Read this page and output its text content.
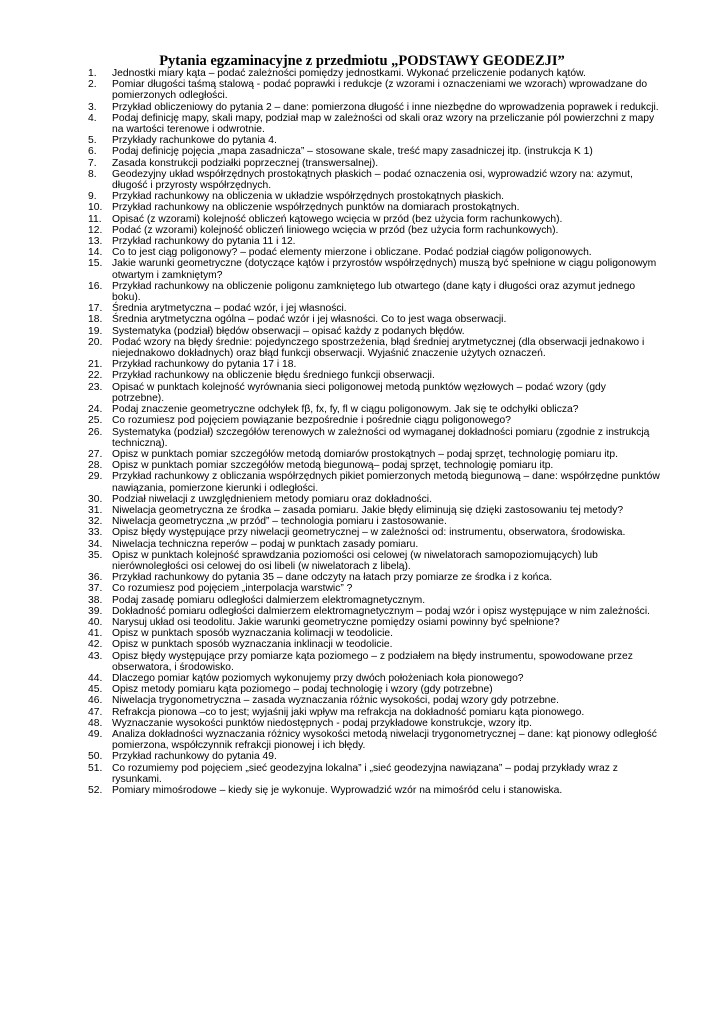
Pytania egzaminacyjne z przedmiotu „PODSTAWY GEODEZJI”
1.	Jednostki miary kąta – podać zależności pomiędzy jednostkami. Wykonać przeliczenie podanych kątów.
2.	Pomiar długości taśmą stalową - podać poprawki i redukcje (z wzorami i oznaczeniami we wzorach) wprowadzane do pomierzonych odległości.
3.	Przykład obliczeniowy do pytania 2 – dane: pomierzona długość i inne niezbędne do wprowadzenia poprawek i redukcji.
4.	Podaj definicję mapy, skali mapy, podział map w zależności od skali oraz wzory na przeliczanie pól powierzchni z mapy na wartości terenowe i odwrotnie.
5.	Przykłady rachunkowe do pytania 4.
6.	Podaj definicję pojęcia „mapa zasadnicza” – stosowane skale, treść mapy zasadniczej itp. (instrukcja K 1)
7.	Zasada konstrukcji podziałki poprzecznej (transwersalnej).
8.	Geodezyjny układ współrzędnych prostokątnych płaskich – podać oznaczenia osi, wyprowadzić wzory na: azymut, długość i przyrosty współrzędnych.
9.	Przykład rachunkowy na obliczenia w układzie współrzędnych prostokątnych płaskich.
10. Przykład rachunkowy na obliczenie współrzędnych punktów na domiarach prostokątnych.
11.	Opisać (z wzorami) kolejność obliczeń kątowego wcięcia w przód (bez użycia form rachunkowych).
12. Podać (z wzorami) kolejność obliczeń liniowego wcięcia w przód (bez użycia form rachunkowych).
13. Przykład rachunkowy do pytania 11 i 12.
14. Co to jest ciąg poligonowy? – podać elementy mierzone i obliczane. Podać podział ciągów poligonowych.
15. Jakie warunki geometryczne (dotyczące kątów i przyrostów współrzędnych) muszą być spełnione w ciągu poligonowym otwartym i zamkniętym?
16. Przykład rachunkowy na obliczenie poligonu zamkniętego lub otwartego (dane kąty i długości oraz azymut jednego boku).
17. Średnia arytmetyczna – podać wzór, i jej własności.
18. Średnia arytmetyczna ogólna – podać wzór i jej własności. Co to jest waga obserwacji.
19. Systematyka (podział) błędów obserwacji – opisać każdy z podanych błędów.
20. Podać wzory na błędy średnie: pojedynczego spostrzeżenia, błąd średniej arytmetycznej (dla obserwacji jednakowo i niejednakowo dokładnych) oraz błąd funkcji obserwacji. Wyjaśnić znaczenie użytych oznaczeń.
21. Przykład rachunkowy do pytania 17 i 18.
22. Przykład rachunkowy na obliczenie błędu średniego funkcji obserwacji.
23. Opisać w punktach kolejność wyrównania sieci poligonowej metodą punktów węzłowych – podać wzory (gdy potrzebne).
24. Podaj znaczenie geometryczne odchyłek fβ, fx, fy, fl w ciągu poligonowym. Jak się te odchyłki oblicza?
25. Co rozumiesz pod pojęciem powiązanie bezpośrednie i pośrednie ciągu poligonowego?
26. Systematyka (podział) szczegółów terenowych w zależności od wymaganej dokładności pomiaru (zgodnie z instrukcją techniczną).
27. Opisz w punktach pomiar szczegółów metodą domiarów prostokątnych – podaj sprzęt, technologię pomiaru itp.
28. Opisz w punktach pomiar szczegółów metodą biegunową– podaj sprzęt, technologię pomiaru itp.
29. Przykład rachunkowy z obliczania współrzędnych pikiet pomierzonych metodą biegunową – dane: współrzędne punktów nawiązania, pomierzone kierunki i odległości.
30. Podział niwelacji z uwzględnieniem metody pomiaru oraz dokładności.
31. Niwelacja geometryczna ze środka – zasada pomiaru. Jakie błędy eliminują się dzięki zastosowaniu tej metody?
32. Niwelacja geometryczna „w przód” – technologia pomiaru i zastosowanie.
33. Opisz błędy występujące przy niwelacji geometrycznej – w zależności od: instrumentu, obserwatora, środowiska.
34. Niwelacja techniczna reperów – podaj w punktach zasady pomiaru.
35. Opisz w punktach kolejność sprawdzania poziomości osi celowej (w niwelatorach samopoziomujących) lub nierównoległości osi celowej do osi libeli (w niwelatorach z libelą).
36. Przykład rachunkowy do pytania 35 – dane odczyty na łatach przy pomiarze ze środka i z końca.
37. Co rozumiesz pod pojęciem „interpolacja warstwic” ?
38. Podaj zasadę pomiaru odległości dalmierzem elektromagnetycznym.
39. Dokładność pomiaru odległości dalmierzem elektromagnetycznym – podaj wzór i opisz występujące w nim zależności.
40. Narysuj układ osi teodolitu. Jakie warunki geometryczne pomiędzy osiami powinny być spełnione?
41. Opisz w punktach sposób wyznaczania kolimacji w teodolicie.
42. Opisz w punktach sposób wyznaczania inklinacji w teodolicie.
43. Opisz błędy występujące przy pomiarze kąta poziomego – z podziałem na błędy instrumentu, spowodowane przez obserwatora, i środowisko.
44. Dlaczego pomiar kątów poziomych wykonujemy przy dwóch położeniach koła pionowego?
45. Opisz metody pomiaru kąta poziomego – podaj technologię i wzory (gdy potrzebne)
46. Niwelacja trygonometryczna – zasada wyznaczania różnic wysokości, podaj wzory gdy potrzebne.
47. Refrakcja pionowa –co to jest; wyjaśnij jaki wpływ ma refrakcja na dokładność pomiaru kąta pionowego.
48. Wyznaczanie wysokości punktów niedostępnych - podaj przykładowe konstrukcje, wzory itp.
49. Analiza dokładności wyznaczania różnicy wysokości metodą niwelacji trygonometrycznej – dane: kąt pionowy odległość pomierzona, współczynnik refrakcji pionowej i ich błędy.
50. Przykład rachunkowy do pytania 49.
51. Co rozumiemy pod pojęciem „sieć geodezyjna lokalna” i „sieć geodezyjna nawiązana” – podaj przykłady wraz z rysunkami.
52. Pomiary mimośrodowe – kiedy się je wykonuje. Wyprowadzić wzór na mimośród celu i stanowiska.
